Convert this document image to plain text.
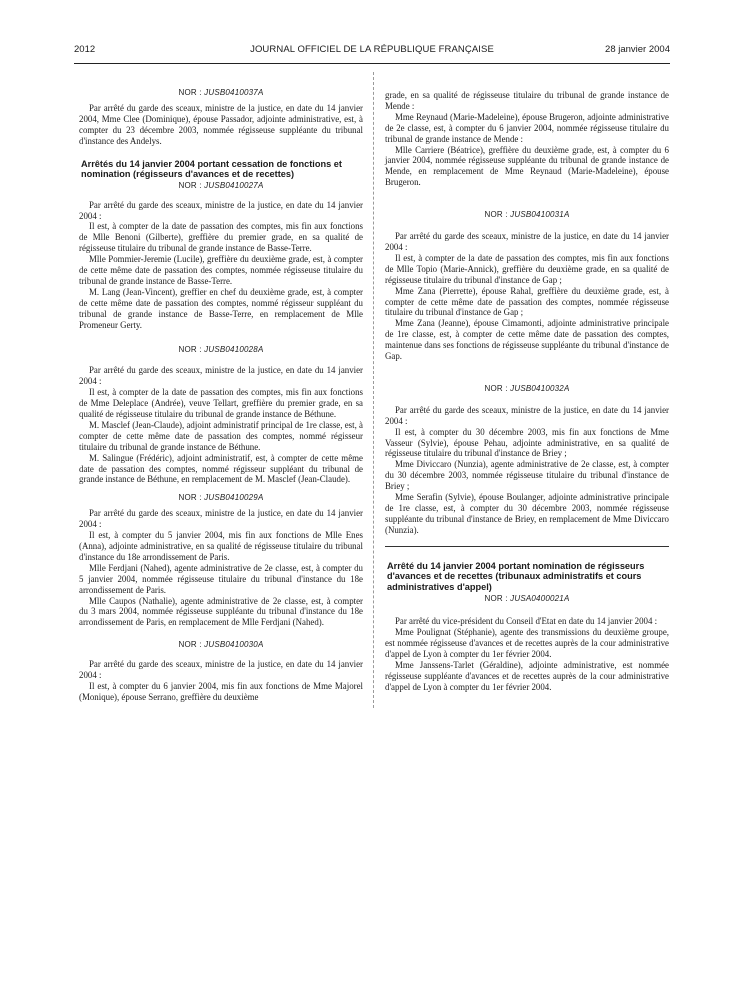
2012	JOURNAL OFFICIEL DE LA RÉPUBLIQUE FRANÇAISE	28 janvier 2004
NOR : JUSB0410037A

Par arrêté du garde des sceaux, ministre de la justice, en date du 14 janvier 2004, Mme Clee (Dominique), épouse Passador, adjointe administrative, est, à compter du 23 décembre 2003, nommée régisseuse suppléante du tribunal d'instance des Andelys.

Arrêtés du 14 janvier 2004 portant cessation de fonctions et nomination (régisseurs d'avances et de recettes)
NOR : JUSB0410027A

Par arrêté du garde des sceaux, ministre de la justice, en date du 14 janvier 2004 :

Il est, à compter de la date de passation des comptes, mis fin aux fonctions de Mlle Benoni (Gilberte), greffière du premier grade, en sa qualité de régisseuse titulaire du tribunal de grande instance de Basse-Terre.

Mlle Pommier-Jeremie (Lucile), greffière du deuxième grade, est, à compter de cette même date de passation des comptes, nommée régisseuse titulaire du tribunal de grande instance de Basse-Terre.

M. Lang (Jean-Vincent), greffier en chef du deuxième grade, est, à compter de cette même date de passation des comptes, nommé régisseur suppléant du tribunal de grande instance de Basse-Terre, en remplacement de Mlle Promeneur Gerty.

NOR : JUSB0410028A

Par arrêté du garde des sceaux, ministre de la justice, en date du 14 janvier 2004 :

Il est, à compter de la date de passation des comptes, mis fin aux fonctions de Mme Deleplace (Andrée), veuve Tellart, greffière du premier grade, en sa qualité de régisseuse titulaire du tribunal de grande instance de Béthune.

M. Masclef (Jean-Claude), adjoint administratif principal de 1re classe, est, à compter de cette même date de passation des comptes, nommé régisseur titulaire du tribunal de grande instance de Béthune.

M. Salingue (Frédéric), adjoint administratif, est, à compter de cette même date de passation des comptes, nommé régisseur suppléant du tribunal de grande instance de Béthune, en remplacement de M. Masclef (Jean-Claude).

NOR : JUSB0410029A

Par arrêté du garde des sceaux, ministre de la justice, en date du 14 janvier 2004 :

Il est, à compter du 5 janvier 2004, mis fin aux fonctions de Mlle Enes (Anna), adjointe administrative, en sa qualité de régisseuse titulaire du tribunal d'instance du 18e arrondissement de Paris.

Mlle Ferdjani (Nahed), agente administrative de 2e classe, est, à compter du 5 janvier 2004, nommée régisseuse titulaire du tribunal d'instance du 18e arrondissement de Paris.

Mlle Caupos (Nathalie), agente administrative de 2e classe, est, à compter du 3 mars 2004, nommée régisseuse suppléante du tribunal d'instance du 18e arrondissement de Paris, en remplacement de Mlle Ferdjani (Nahed).

NOR : JUSB0410030A

Par arrêté du garde des sceaux, ministre de la justice, en date du 14 janvier 2004 :

Il est, à compter du 6 janvier 2004, mis fin aux fonctions de Mme Majorel (Monique), épouse Serrano, greffière du deuxième

grade, en sa qualité de régisseuse titulaire du tribunal de grande instance de Mende :

Mme Reynaud (Marie-Madeleine), épouse Brugeron, adjointe administrative de 2e classe, est, à compter du 6 janvier 2004, nommée régisseuse titulaire du tribunal de grande instance de Mende :

Mlle Carriere (Béatrice), greffière du deuxième grade, est, à compter du 6 janvier 2004, nommée régisseuse suppléante du tribunal de grande instance de Mende, en remplacement de Mme Reynaud (Marie-Madeleine), épouse Brugeron.

NOR : JUSB0410031A

Par arrêté du garde des sceaux, ministre de la justice, en date du 14 janvier 2004 :

Il est, à compter de la date de passation des comptes, mis fin aux fonctions de Mlle Topio (Marie-Annick), greffière du deuxième grade, en sa qualité de régisseuse titulaire du tribunal d'instance de Gap ;

Mme Zana (Pierrette), épouse Rahal, greffière du deuxième grade, est, à compter de cette même date de passation des comptes, nommée régisseuse titulaire du tribunal d'instance de Gap ;

Mme Zana (Jeanne), épouse Cimamonti, adjointe administrative principale de 1re classe, est, à compter de cette même date de passation des comptes, maintenue dans ses fonctions de régisseuse suppléante du tribunal d'instance de Gap.

NOR : JUSB0410032A

Par arrêté du garde des sceaux, ministre de la justice, en date du 14 janvier 2004 :

Il est, à compter du 30 décembre 2003, mis fin aux fonctions de Mme Vasseur (Sylvie), épouse Pehau, adjointe administrative, en sa qualité de régisseuse titulaire du tribunal d'instance de Briey ;

Mme Diviccaro (Nunzia), agente administrative de 2e classe, est, à compter du 30 décembre 2003, nommée régisseuse titulaire du tribunal d'instance de Briey ;

Mme Serafin (Sylvie), épouse Boulanger, adjointe administrative principale de 1re classe, est, à compter du 30 décembre 2003, nommée régisseuse suppléante du tribunal d'instance de Briey, en remplacement de Mme Diviccaro (Nunzia).

Arrêté du 14 janvier 2004 portant nomination de régisseurs d'avances et de recettes (tribunaux administratifs et cours administratives d'appel)
NOR : JUSA0400021A

Par arrêté du vice-président du Conseil d'Etat en date du 14 janvier 2004 :

Mme Poulignat (Stéphanie), agente des transmissions du deuxième groupe, est nommée régisseuse d'avances et de recettes auprès de la cour administrative d'appel de Lyon à compter du 1er février 2004.

Mme Janssens-Tarlet (Géraldine), adjointe administrative, est nommée régisseuse suppléante d'avances et de recettes auprès de la cour administrative d'appel de Lyon à compter du 1er février 2004.
